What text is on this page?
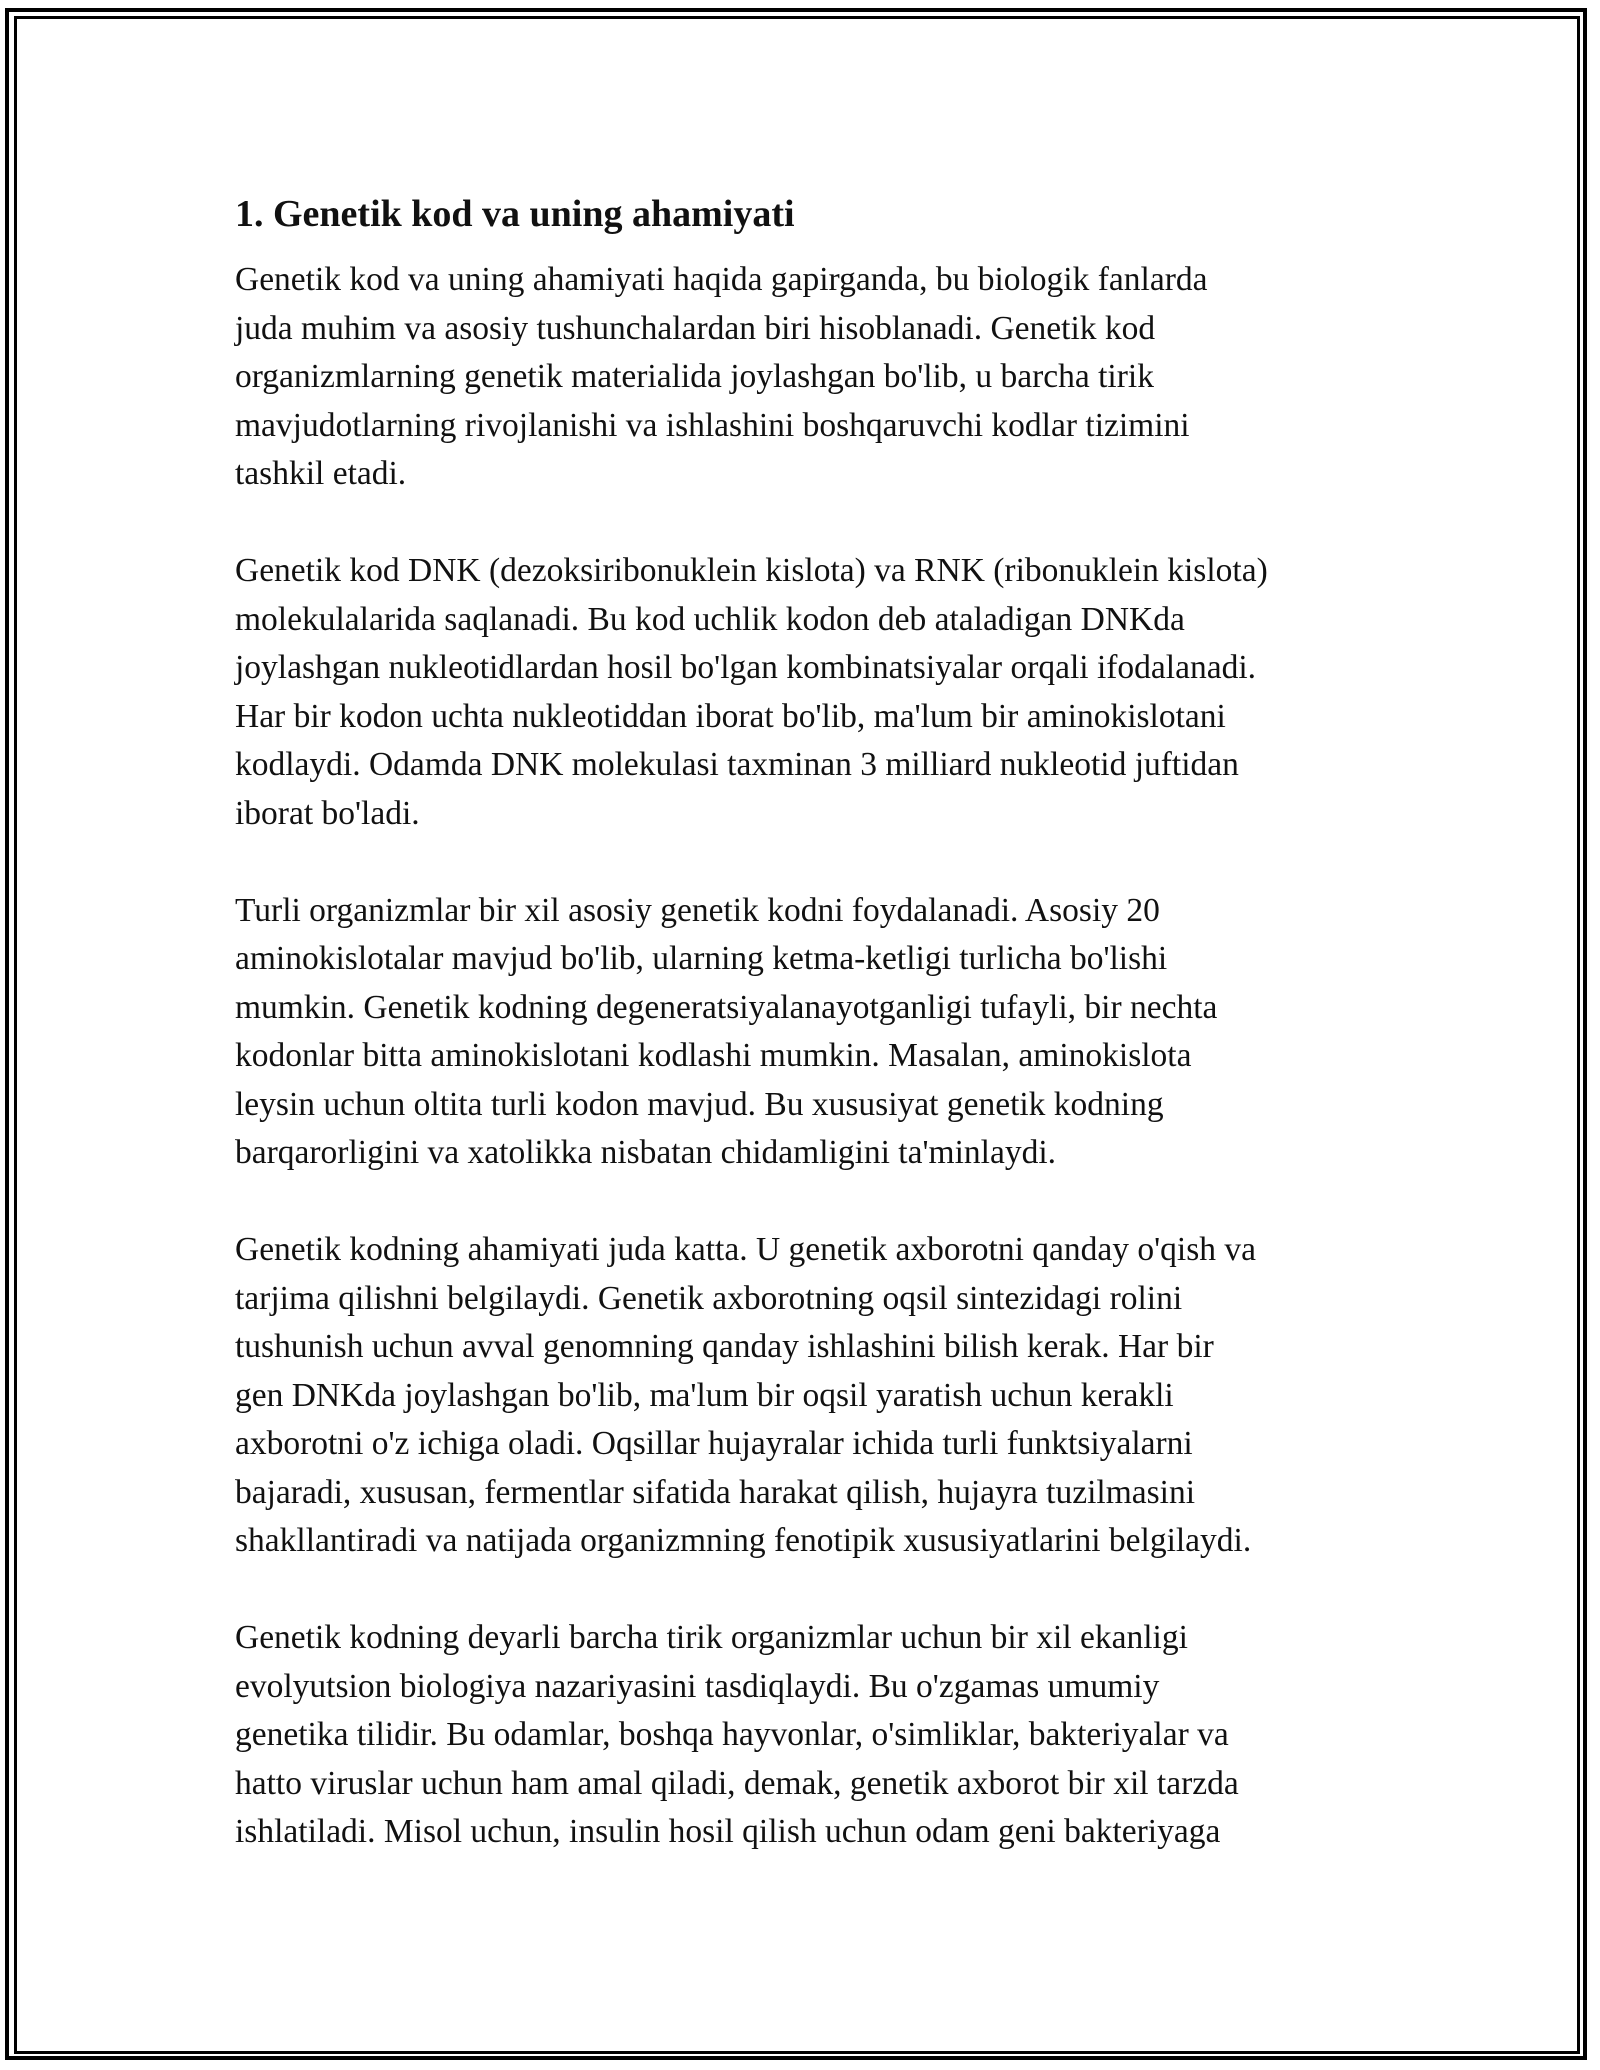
1. Genetik kod va uning ahamiyati

Genetik kod va uning ahamiyati haqida gapirganda, bu biologik fanlarda
juda muhim va asosiy tushunchalardan biri hisoblanadi. Genetik kod
organizmlarning genetik materialida joylashgan bo'lib, u barcha tirik
mavjudotlarning rivojlanishi va ishlashini boshqaruvchi kodlar tizimini
tashkil etadi.

Genetik kod DNK (dezoksiribonuklein kislota) va RNK (ribonuklein kislota)
molekulalarida saqlanadi. Bu kod uchlik kodon deb ataladigan DNKda
joylashgan nukleotidlardan hosil bo'lgan kombinatsiyalar orqali ifodalanadi.
Har bir kodon uchta nukleotiddan iborat bo'lib, ma'lum bir aminokislotani
kodlaydi. Odamda DNK molekulasi taxminan 3 milliard nukleotid juftidan
iborat bo'ladi.

Turli organizmlar bir xil asosiy genetik kodni foydalanadi. Asosiy 20
aminokislotalar mavjud bo'lib, ularning ketma-ketligi turlicha bo'lishi
mumkin. Genetik kodning degeneratsiyalanayotganligi tufayli, bir nechta
kodonlar bitta aminokislotani kodlashi mumkin. Masalan, aminokislota
leysin uchun oltita turli kodon mavjud. Bu xususiyat genetik kodning
barqarorligini va xatolikka nisbatan chidamligini ta'minlaydi.

Genetik kodning ahamiyati juda katta. U genetik axborotni qanday o'qish va
tarjima qilishni belgilaydi. Genetik axborotning oqsil sintezidagi rolini
tushunish uchun avval genomning qanday ishlashini bilish kerak. Har bir
gen DNKda joylashgan bo'lib, ma'lum bir oqsil yaratish uchun kerakli
axborotni o'z ichiga oladi. Oqsillar hujayralar ichida turli funktsiyalarni
bajaradi, xususan, fermentlar sifatida harakat qilish, hujayra tuzilmasini
shakllantiradi va natijada organizmning fenotipik xususiyatlarini belgilaydi.

Genetik kodning deyarli barcha tirik organizmlar uchun bir xil ekanligi
evolyutsion biologiya nazariyasini tasdiqlaydi. Bu o'zgamas umumiy
genetika tilidir. Bu odamlar, boshqa hayvonlar, o'simliklar, bakteriyalar va
hatto viruslar uchun ham amal qiladi, demak, genetik axborot bir xil tarzda
ishlatiladi. Misol uchun, insulin hosil qilish uchun odam geni bakteriyaga
